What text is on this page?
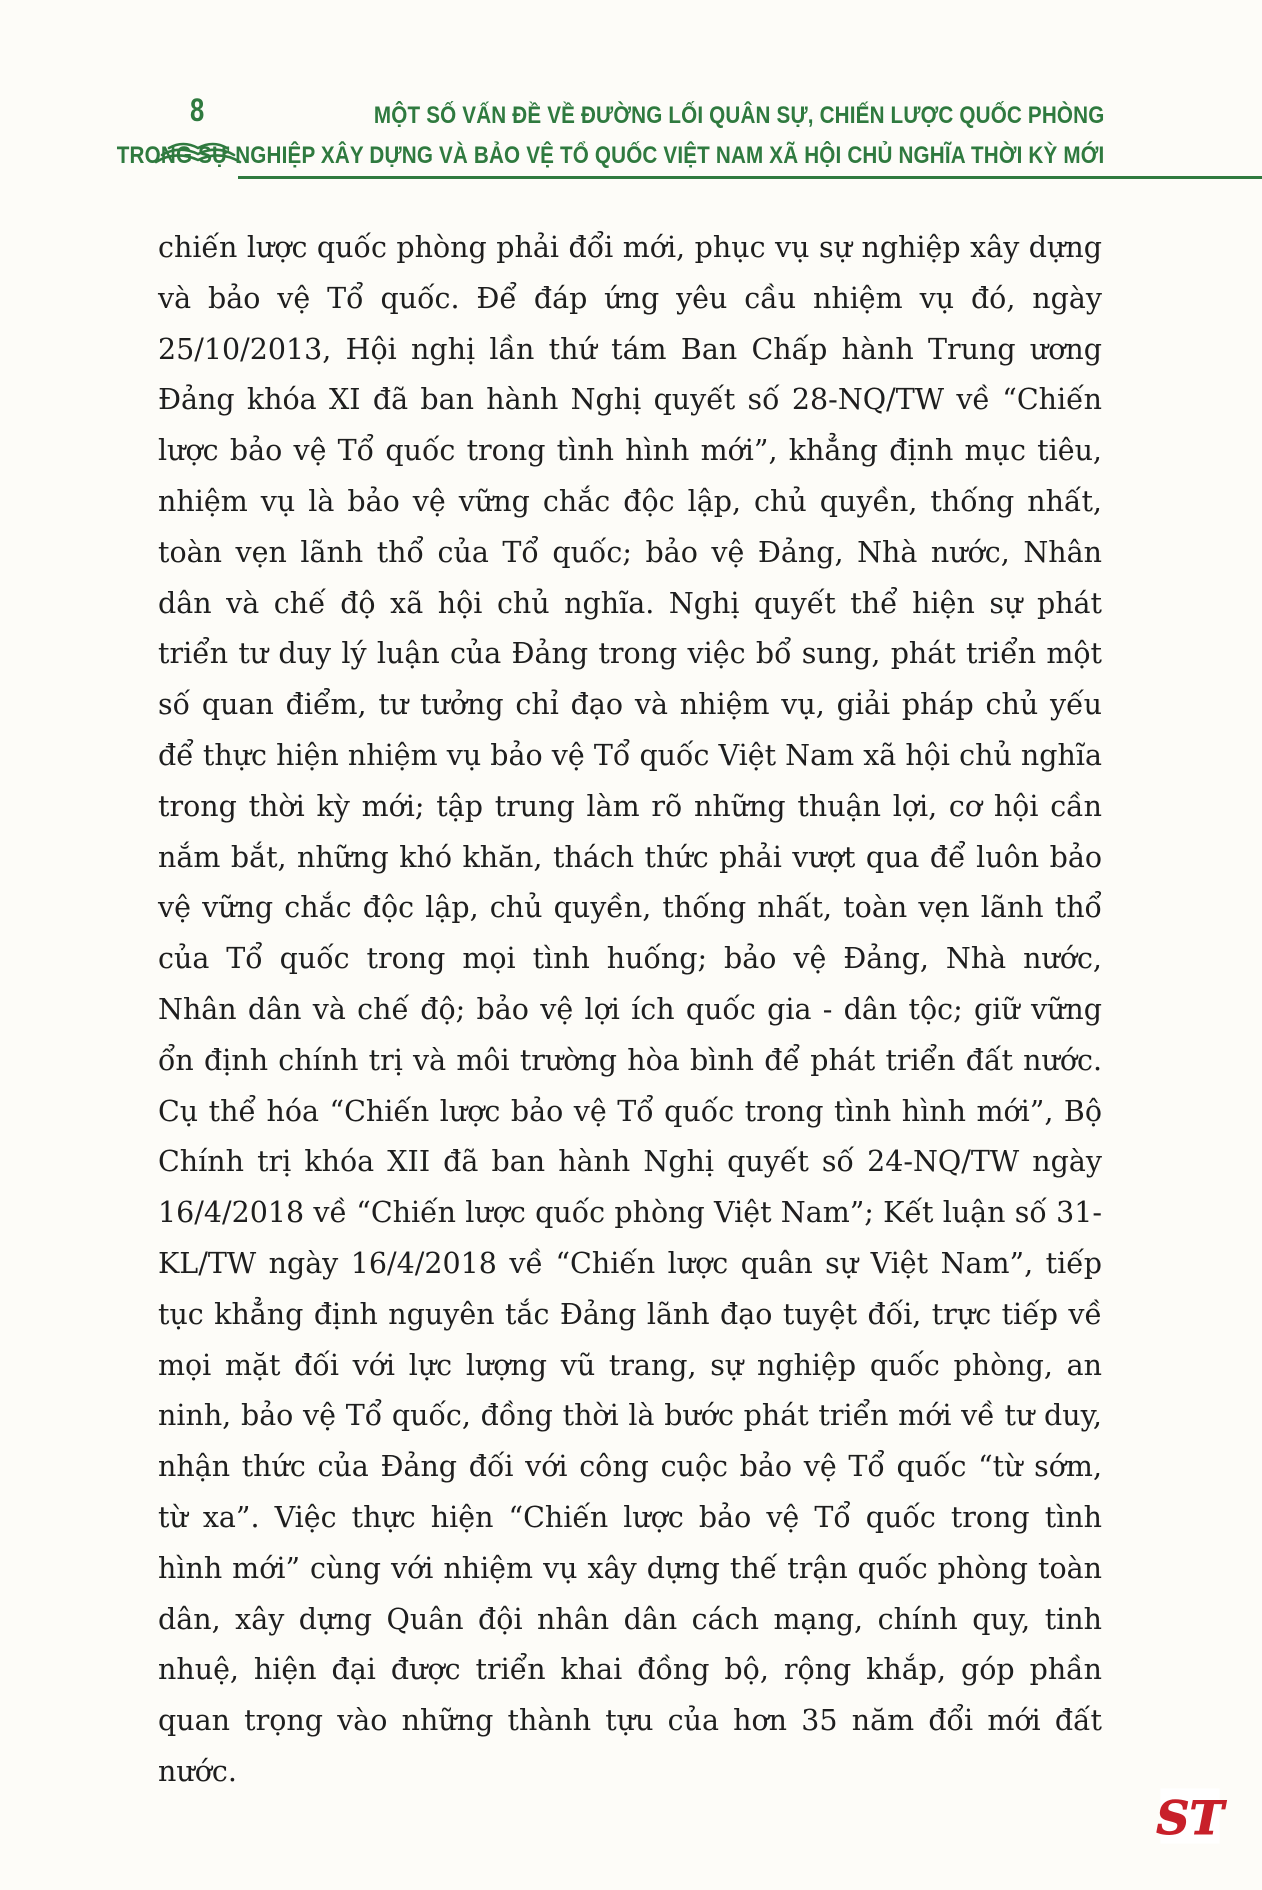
8	MỘT SỐ VẤN ĐỀ VỀ ĐƯỜNG LỐI QUÂN SỰ, CHIẾN LƯỢC QUỐC PHÒNG
TRONG SỰ NGHIỆP XÂY DỰNG VÀ BẢO VỆ TỔ QUỐC VIỆT NAM XÃ HỘI CHỦ NGHĨA THỜI KỲ MỚI

chiến lược quốc phòng phải đổi mới, phục vụ sự nghiệp xây dựng và bảo vệ Tổ quốc. Để đáp ứng yêu cầu nhiệm vụ đó, ngày 25/10/2013, Hội nghị lần thứ tám Ban Chấp hành Trung ương Đảng khóa XI đã ban hành Nghị quyết số 28-NQ/TW về “Chiến lược bảo vệ Tổ quốc trong tình hình mới”, khẳng định mục tiêu, nhiệm vụ là bảo vệ vững chắc độc lập, chủ quyền, thống nhất, toàn vẹn lãnh thổ của Tổ quốc; bảo vệ Đảng, Nhà nước, Nhân dân và chế độ xã hội chủ nghĩa. Nghị quyết thể hiện sự phát triển tư duy lý luận của Đảng trong việc bổ sung, phát triển một số quan điểm, tư tưởng chỉ đạo và nhiệm vụ, giải pháp chủ yếu để thực hiện nhiệm vụ bảo vệ Tổ quốc Việt Nam xã hội chủ nghĩa trong thời kỳ mới; tập trung làm rõ những thuận lợi, cơ hội cần nắm bắt, những khó khăn, thách thức phải vượt qua để luôn bảo vệ vững chắc độc lập, chủ quyền, thống nhất, toàn vẹn lãnh thổ của Tổ quốc trong mọi tình huống; bảo vệ Đảng, Nhà nước, Nhân dân và chế độ; bảo vệ lợi ích quốc gia - dân tộc; giữ vững ổn định chính trị và môi trường hòa bình để phát triển đất nước. Cụ thể hóa “Chiến lược bảo vệ Tổ quốc trong tình hình mới”, Bộ Chính trị khóa XII đã ban hành Nghị quyết số 24-NQ/TW ngày 16/4/2018 về “Chiến lược quốc phòng Việt Nam”; Kết luận số 31-KL/TW ngày 16/4/2018 về “Chiến lược quân sự Việt Nam”, tiếp tục khẳng định nguyên tắc Đảng lãnh đạo tuyệt đối, trực tiếp về mọi mặt đối với lực lượng vũ trang, sự nghiệp quốc phòng, an ninh, bảo vệ Tổ quốc, đồng thời là bước phát triển mới về tư duy, nhận thức của Đảng đối với công cuộc bảo vệ Tổ quốc “từ sớm, từ xa”. Việc thực hiện “Chiến lược bảo vệ Tổ quốc trong tình hình mới” cùng với nhiệm vụ xây dựng thế trận quốc phòng toàn dân, xây dựng Quân đội nhân dân cách mạng, chính quy, tinh nhuệ, hiện đại được triển khai đồng bộ, rộng khắp, góp phần quan trọng vào những thành tựu của hơn 35 năm đổi mới đất nước.

ST
